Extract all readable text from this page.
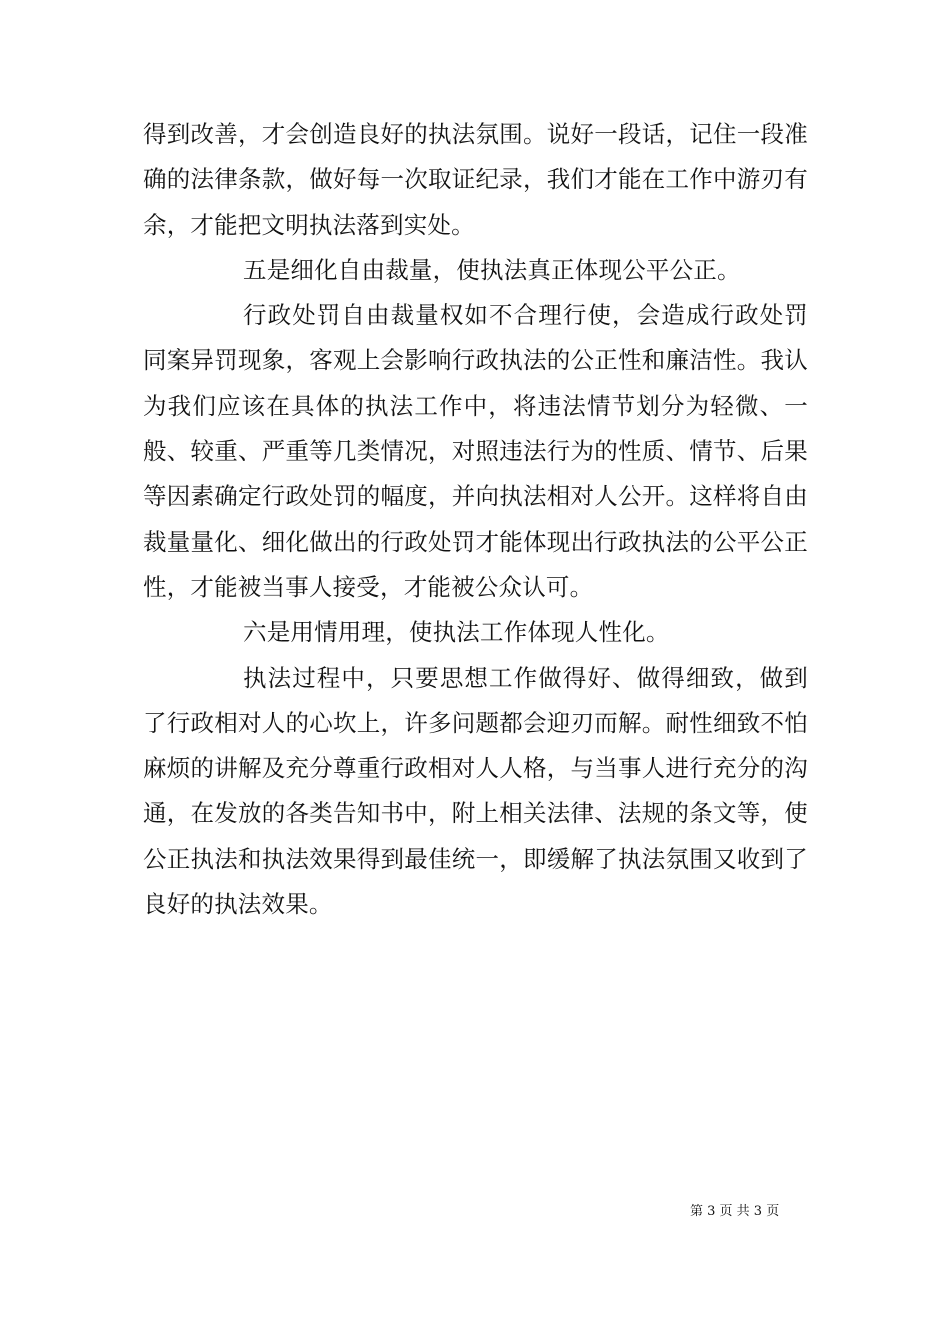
得到改善，才会创造良好的执法氛围。说好一段话，记住一段准确的法律条款，做好每一次取证纪录，我们才能在工作中游刃有余，才能把文明执法落到实处。

五是细化自由裁量，使执法真正体现公平公正。

行政处罚自由裁量权如不合理行使，会造成行政处罚同案异罚现象，客观上会影响行政执法的公正性和廉洁性。我认为我们应该在具体的执法工作中，将违法情节划分为轻微、一般、较重、严重等几类情况，对照违法行为的性质、情节、后果等因素确定行政处罚的幅度，并向执法相对人公开。这样将自由裁量量化、细化做出的行政处罚才能体现出行政执法的公平公正性，才能被当事人接受，才能被公众认可。

六是用情用理，使执法工作体现人性化。

执法过程中，只要思想工作做得好、做得细致，做到了行政相对人的心坎上，许多问题都会迎刃而解。耐性细致不怕麻烦的讲解及充分尊重行政相对人人格，与当事人进行充分的沟通，在发放的各类告知书中，附上相关法律、法规的条文等，使公正执法和执法效果得到最佳统一，即缓解了执法氛围又收到了良好的执法效果。

第 3 页 共 3 页
